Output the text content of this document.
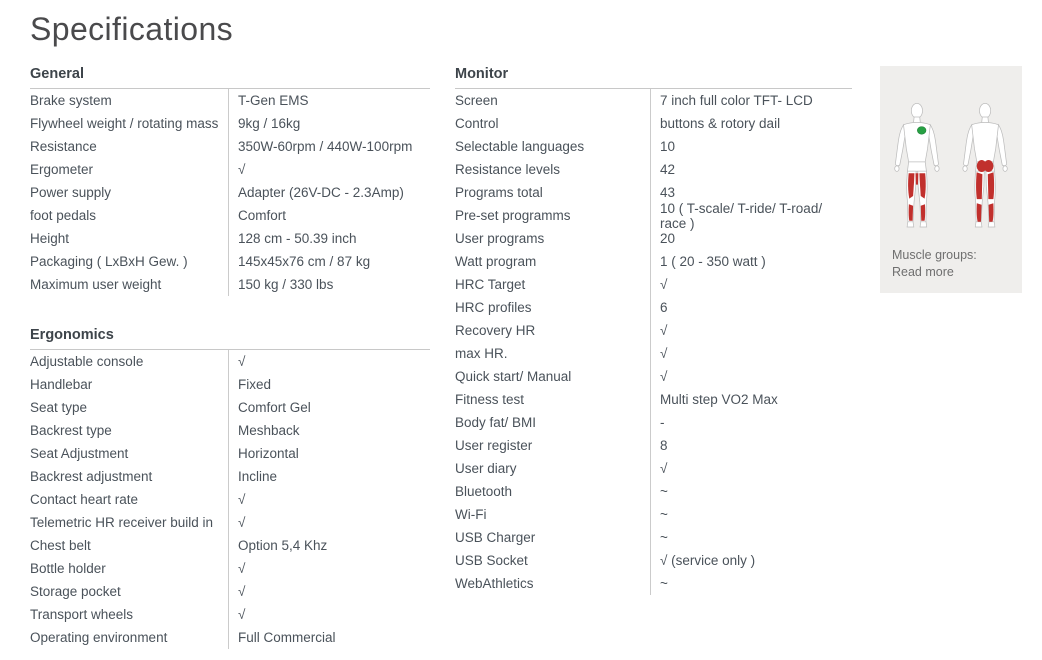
Specifications
General
Brake system	T-Gen EMS
Flywheel weight / rotating mass	9kg / 16kg
Resistance	350W-60rpm / 440W-100rpm
Ergometer	√
Power supply	Adapter (26V-DC - 2.3Amp)
foot pedals	Comfort
Height	128 cm - 50.39 inch
Packaging ( LxBxH Gew. )	145x45x76 cm / 87 kg
Maximum user weight	150 kg / 330 lbs
Ergonomics
Adjustable console	√
Handlebar	Fixed
Seat type	Comfort Gel
Backrest type	Meshback
Seat Adjustment	Horizontal
Backrest adjustment	Incline
Contact heart rate	√
Telemetric HR receiver build in	√
Chest belt	Option 5,4 Khz
Bottle holder	√
Storage pocket	√
Transport wheels	√
Operating environment	Full Commercial
Monitor
Screen	7 inch full color TFT- LCD
Control	buttons & rotory dail
Selectable languages	10
Resistance levels	42
Programs total	43
Pre-set programms	10 ( T-scale/ T-ride/ T-road/ race )
User programs	20
Watt program	1 ( 20 - 350 watt )
HRC Target	√
HRC profiles	6
Recovery HR	√
max HR.	√
Quick start/ Manual	√
Fitness test	Multi step VO2 Max
Body fat/ BMI	-
User register	8
User diary	√
Bluetooth	~
Wi-Fi	~
USB Charger	~
USB Socket	√ (service only )
WebAthletics	~
Muscle groups:
Read more
